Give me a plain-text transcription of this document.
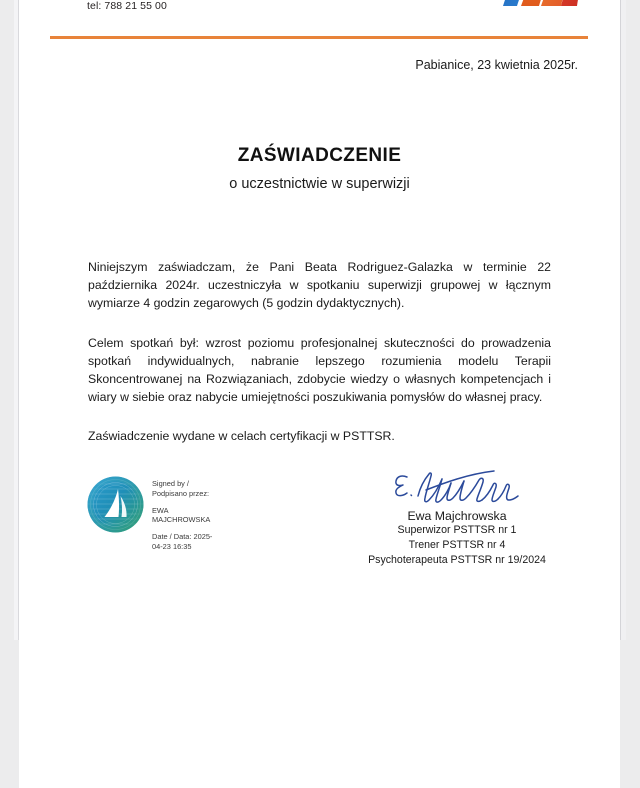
tel: 788 21 55 00
Pabianice, 23 kwietnia 2025r.
ZAŚWIADCZENIE
o uczestnictwie w superwizji

Niniejszym zaświadczam, że Pani Beata Rodriguez-Galazka w terminie 22 października 2024r. uczestniczyła w spotkaniu superwizji grupowej w łącznym wymiarze 4 godzin zegarowych (5 godzin dydaktycznych).

Celem spotkań był: wzrost poziomu profesjonalnej skuteczności do prowadzenia spotkań indywidualnych, nabranie lepszego rozumienia modelu Terapii Skoncentrowanej na Rozwiązaniach, zdobycie wiedzy o własnych kompetencjach i wiary w siebie oraz nabycie umiejętności poszukiwania pomysłów do własnej pracy.

Zaświadczenie wydane w celach certyfikacji w PSTTSR.

Signed by /
Podpisano przez:
EWA
MAJCHROWSKA
Date / Data: 2025-
04-23 16:35
Ewa Majchrowska
Superwizor PSTTSR nr 1
Trener PSTTSR nr 4
Psychoterapeuta PSTTSR nr 19/2024
